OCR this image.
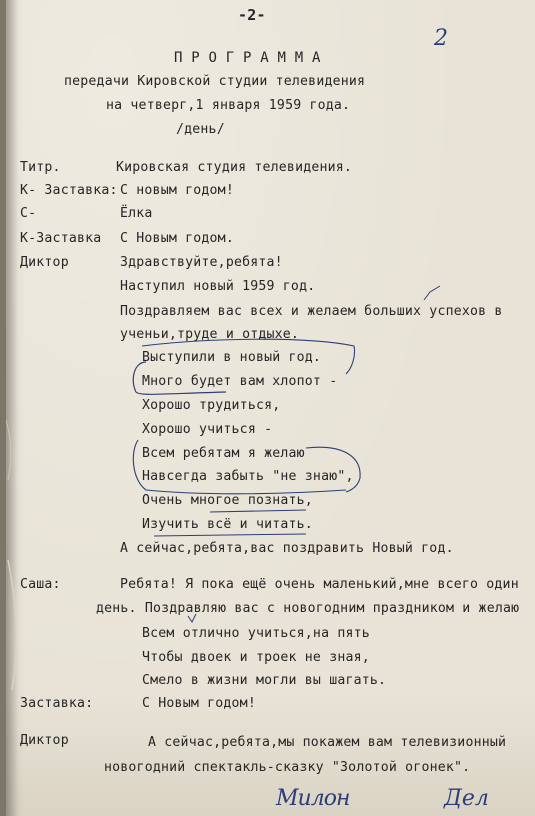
-2-
2
П Р О Г Р А М М А
передачи Кировской студии телевидения
на четверг,1 января 1959 года.
/день/
Титр.	Кировская студия телевидения.
К- Заставка: С новым годом!
С-	Ёлка
К-Заставка С Новым годом.
Диктор	Здравствуйте,ребята!
Наступил новый 1959 год.
Поздравляем вас всех и желаем больших успехов в
ученьи,труде и отдыхе.
Выступили в новый год.
Много будет вам хлопот -
Хорошо трудиться,
Хорошо учиться -
Всем ребятам я желаю
Навсегда забыть "не знаю",
Очень многое познать,
Изучить всё и читать.
А сейчас,ребята,вас поздравить Новый год.
Саша:	Ребята! Я пока ещё очень маленький,мне всего один
день. Поздравляю вас с новогодним праздником и желаю
Всем отлично учиться,на пять
Чтобы двоек и троек не зная,
Смело в жизни могли вы шагать.
Заставка:	С Новым годом!
Диктор	А сейчас,ребята,мы покажем вам телевизионный
новогодний спектакль-сказку "Золотой огонек".
Милон	Дел
